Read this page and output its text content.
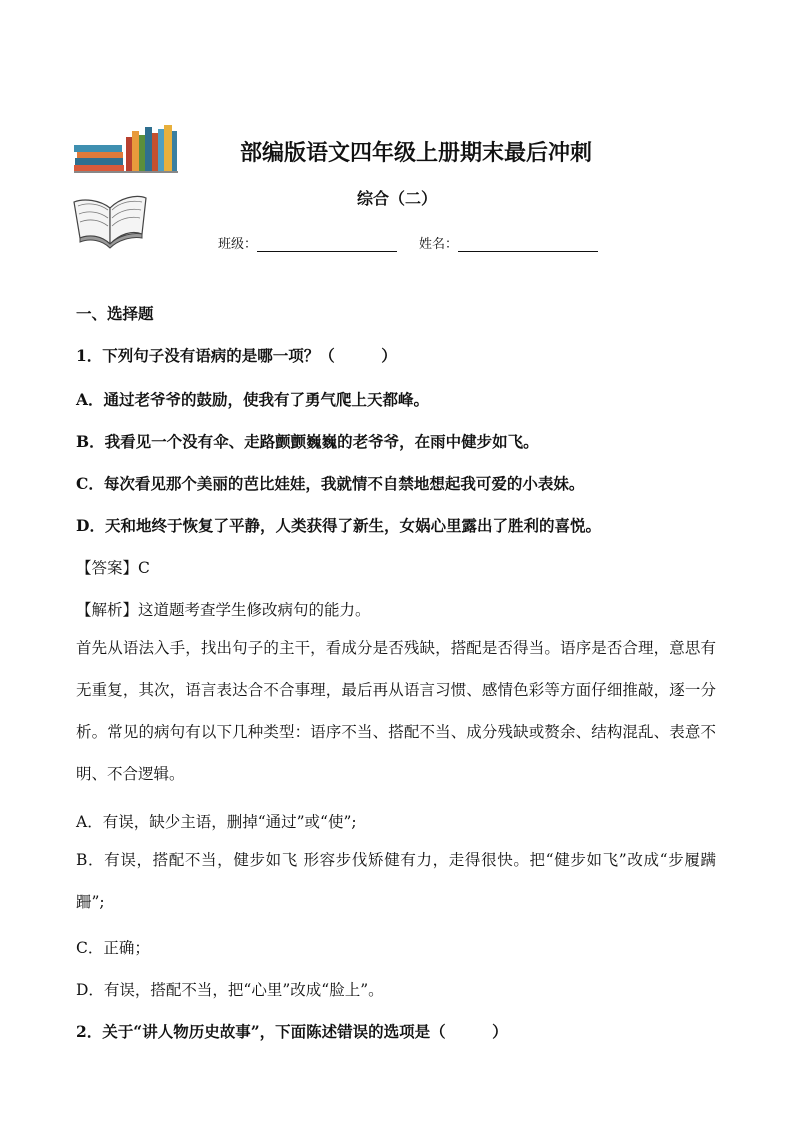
部编版语文四年级上册期末最后冲刺
综合（二）
班级：	姓名：
一、选择题
1．下列句子没有语病的是哪一项？（　　　）
A．通过老爷爷的鼓励，使我有了勇气爬上天都峰。
B．我看见一个没有伞、走路颤颤巍巍的老爷爷，在雨中健步如飞。
C．每次看见那个美丽的芭比娃娃，我就情不自禁地想起我可爱的小表妹。
D．天和地终于恢复了平静，人类获得了新生，女娲心里露出了胜利的喜悦。
【答案】C
【解析】这道题考查学生修改病句的能力。
首先从语法入手，找出句子的主干，看成分是否残缺，搭配是否得当。语序是否合理，意思有无重复，其次，语言表达合不合事理，最后再从语言习惯、感情色彩等方面仔细推敲，逐一分析。常见的病句有以下几种类型：语序不当、搭配不当、成分残缺或赘余、结构混乱、表意不明、不合逻辑。
A．有误，缺少主语，删掉“通过”或“使”;
B．有误，搭配不当，健步如飞 形容步伐矫健有力，走得很快。把“健步如飞”改成“步履蹒跚”;
C．正确；
D．有误，搭配不当，把“心里”改成“脸上”。
2．关于“讲人物历史故事”，下面陈述错误的选项是（　　　）
